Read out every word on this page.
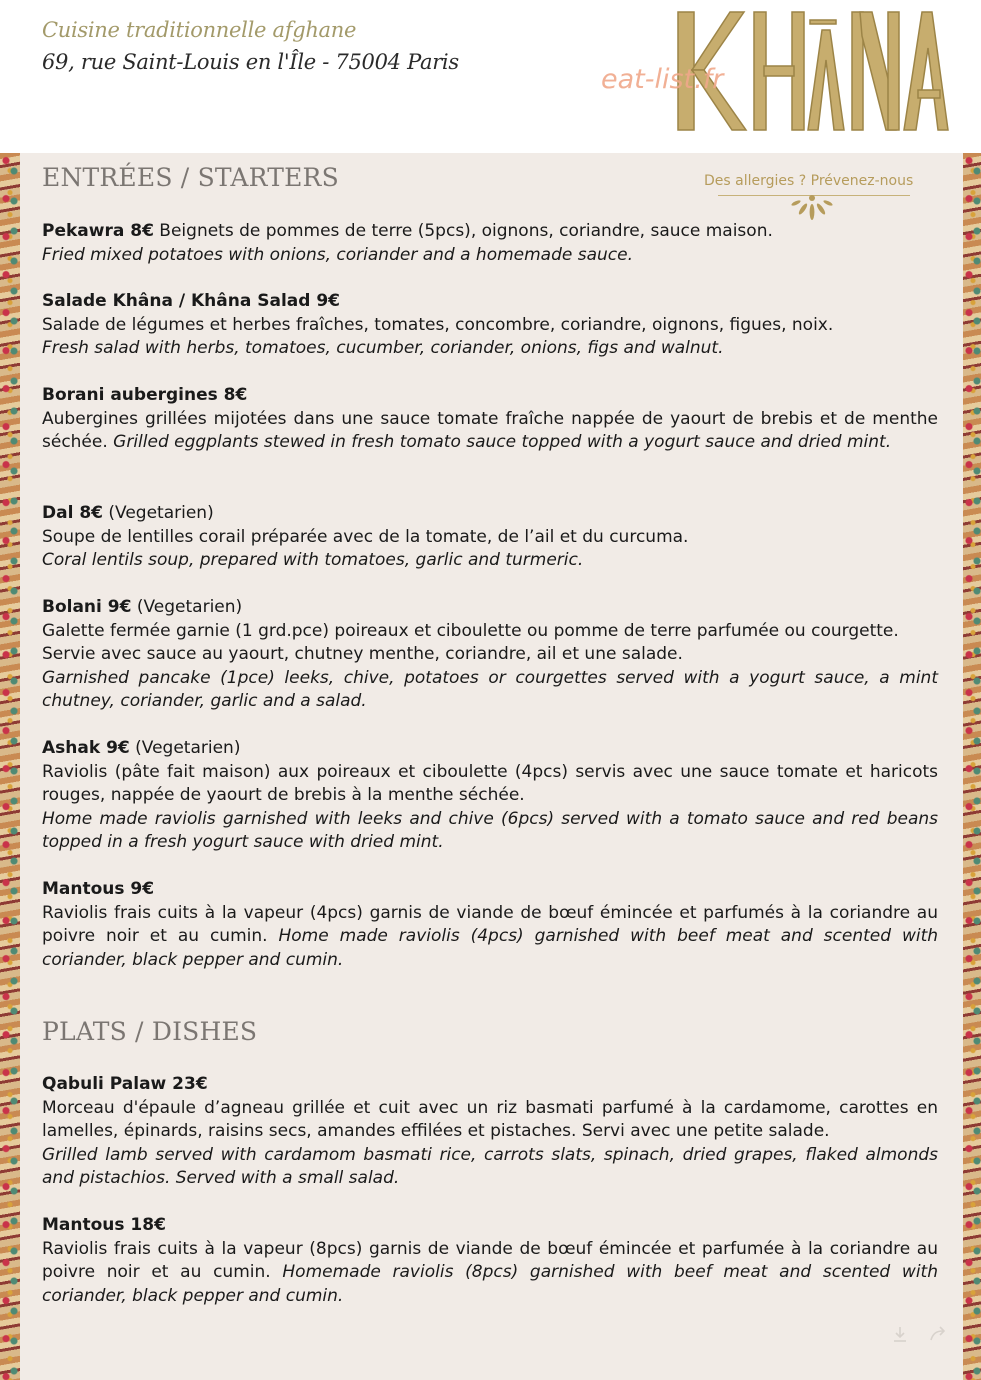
Cuisine traditionnelle afghane
69, rue Saint-Louis en l'Île - 75004 Paris
eat-list.fr
ENTRÉES / STARTERS	Des allergies ? Prévenez-nous

Pekawra 8€ Beignets de pommes de terre (5pcs), oignons, coriandre, sauce maison.

Fried mixed potatoes with onions, coriander and a homemade sauce.

Salade Khâna / Khâna Salad 9€

Salade de légumes et herbes fraîches, tomates, concombre, coriandre, oignons, figues, noix.

Fresh salad with herbs, tomatoes, cucumber, coriander, onions, figs and walnut.

Borani aubergines 8€

Aubergines grillées mijotées dans une sauce tomate fraîche nappée de yaourt de brebis et de menthe séchée. Grilled eggplants stewed in fresh tomato sauce topped with a yogurt sauce and dried mint.

Dal 8€ (Vegetarien)

Soupe de lentilles corail préparée avec de la tomate, de l’ail et du curcuma.

Coral lentils soup, prepared with tomatoes, garlic and turmeric.

Bolani 9€ (Vegetarien)

Galette fermée garnie (1 grd.pce) poireaux et ciboulette ou pomme de terre parfumée ou courgette.

Servie avec sauce au yaourt, chutney menthe, coriandre, ail et une salade.

Garnished pancake (1pce) leeks, chive, potatoes or courgettes served with a yogurt sauce, a mint chutney, coriander, garlic and a salad.

Ashak 9€ (Vegetarien)

Raviolis (pâte fait maison) aux poireaux et ciboulette (4pcs) servis avec une sauce tomate et haricots rouges, nappée de yaourt de brebis à la menthe séchée.

Home made raviolis garnished with leeks and chive (6pcs) served with a tomato sauce and red beans topped in a fresh yogurt sauce with dried mint.

Mantous 9€

Raviolis frais cuits à la vapeur (4pcs) garnis de viande de bœuf émincée et parfumés à la coriandre au poivre noir et au cumin. Home made raviolis (4pcs) garnished with beef meat and scented with coriander, black pepper and cumin.

PLATS / DISHES

Qabuli Palaw 23€

Morceau d'épaule d’agneau grillée et cuit avec un riz basmati parfumé à la cardamome, carottes en lamelles, épinards, raisins secs, amandes effilées et pistaches. Servi avec une petite salade.

Grilled lamb served with cardamom basmati rice, carrots slats, spinach, dried grapes, flaked almonds and pistachios. Served with a small salad.

Mantous 18€

Raviolis frais cuits à la vapeur (8pcs) garnis de viande de bœuf émincée et parfumée à la coriandre au poivre noir et au cumin. Homemade raviolis (8pcs) garnished with beef meat and scented with coriander, black pepper and cumin.
